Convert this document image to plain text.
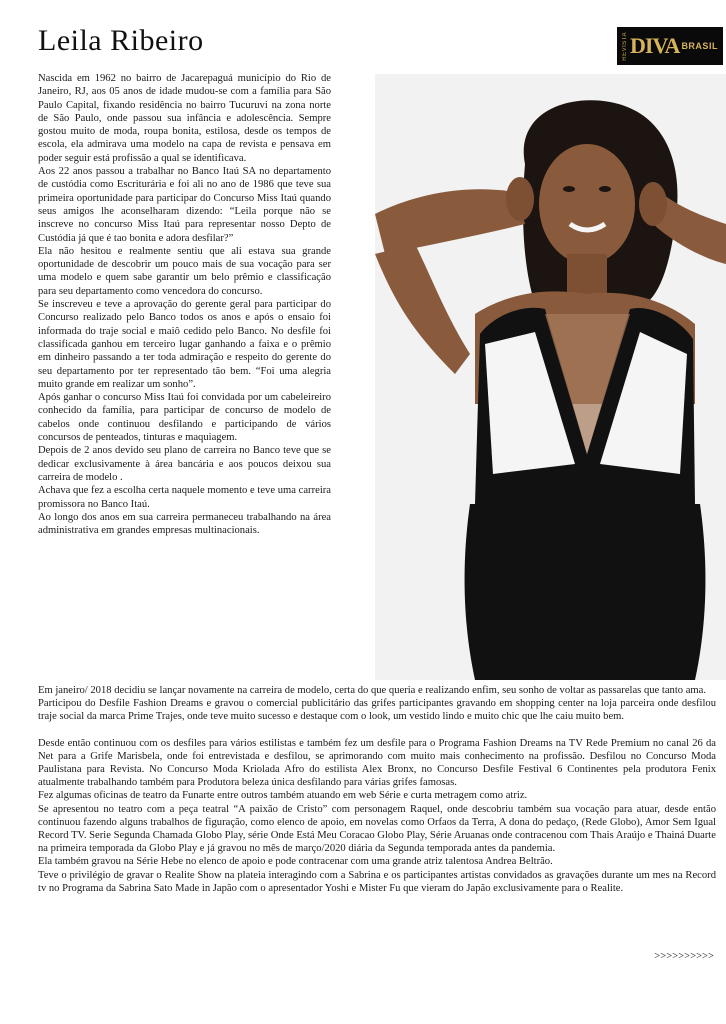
Leila Ribeiro	REVISTA DIVA BRASIL

Nascida em 1962 no bairro de Jacarepaguá município do Rio de Janeiro, RJ, aos 05 anos de idade mudou-se com a família para São Paulo Capital, fixando residência no bairro Tucuruvi na zona norte de São Paulo, onde passou sua infância e adolescência. Sempre gostou muito de moda, roupa bonita, estilosa, desde os tempos de escola, ela admirava uma modelo na capa de revista e pensava em poder seguir está profissão a qual se identificava.

Aos 22 anos passou a trabalhar no Banco Itaú SA no departamento de custódia como Escriturária e foi ali no ano de 1986 que teve sua primeira oportunidade para participar do Concurso Miss Itaú quando seus amigos lhe aconselharam dizendo: “Leila porque não se inscreve no concurso Miss Itaú para representar nosso Depto de Custódia já que é tao bonita e adora desfilar?”

Ela não hesitou e realmente sentiu que ali estava sua grande oportunidade de descobrir um pouco mais de sua vocação para ser uma modelo e quem sabe garantir um belo prêmio e classificação para seu departamento como vencedora do concurso.

Se inscreveu e teve a aprovação do gerente geral para participar do Concurso realizado pelo Banco todos os anos e após o ensaio foi informada do traje social e maiô cedido pelo Banco. No desfile foi classificada ganhou em terceiro lugar ganhando a faixa e o prêmio em dinheiro passando a ter toda admiração e respeito do gerente do seu departamento por ter representado tão bem. “Foi uma alegria muito grande em realizar um sonho”.

Após ganhar o concurso Miss Itaú foi convidada por um cabeleireiro conhecido da família, para participar de concurso de modelo de cabelos onde continuou desfilando e participando de vários concursos de penteados, tinturas e maquiagem.

Depois de 2 anos devido seu plano de carreira no Banco teve que se dedicar exclusivamente à área bancária e aos poucos deixou sua carreira de modelo .

Achava que fez a escolha certa naquele momento e teve uma carreira promissora no Banco Itaú.

Ao longo dos anos em sua carreira permaneceu trabalhando na área administrativa em grandes empresas multinacionais.

Em janeiro/ 2018 decidiu se lançar novamente na carreira de modelo, certa do que queria e realizando enfim, seu sonho de voltar as passarelas que tanto ama.

Participou do Desfile Fashion Dreams e gravou o comercial publicitário das grifes participantes gravando em shopping center na loja parceira onde desfilou traje social da marca Prime Trajes, onde teve muito sucesso e destaque com o look, um vestido lindo e muito chic que lhe caiu muito bem.

Desde então continuou com os desfiles para vários estilistas e também fez um desfile para o Programa Fashion Dreams na TV Rede Premium no canal 26 da Net para a Grife Marisbela, onde foi entrevistada e desfilou, se aprimorando com muito mais conhecimento na profissão. Desfilou no Concurso Moda Paulistana para Revista. No Concurso Moda Kriolada Afro do estilista Alex Bronx, no Concurso Desfile Festival 6 Continentes pela produtora Fenix atualmente trabalhando também para Produtora beleza única desfilando para várias grifes famosas.

Fez algumas oficinas de teatro da Funarte entre outros também atuando em web Série e curta metragem como atriz.

Se apresentou no teatro com a peça teatral “A paixão de Cristo” com personagem Raquel, onde descobriu também sua vocação para atuar, desde então continuou fazendo alguns trabalhos de figuração, como elenco de apoio, em novelas como Orfaos da Terra, A dona do pedaço, (Rede Globo), Amor Sem Igual Record TV. Serie Segunda Chamada Globo Play, série Onde Está Meu Coracao Globo Play, Série Aruanas onde contracenou com Thais Araújo e Thainá Duarte na primeira temporada da Globo Play e já gravou no mês de março/2020 diária da Segunda temporada antes da pandemia.

Ela também gravou na Série Hebe no elenco de apoio e pode contracenar com uma grande atriz talentosa Andrea Beltrão.

Teve o privilégio de gravar o Realite Show na plateia interagindo com a Sabrina e os participantes artistas convidados as gravações durante um mes na Record tv no Programa da Sabrina Sato Made in Japão com o apresentador Yoshi e Mister Fu que vieram do Japão exclusivamente para o Realite.

>>>>>>>>>>
